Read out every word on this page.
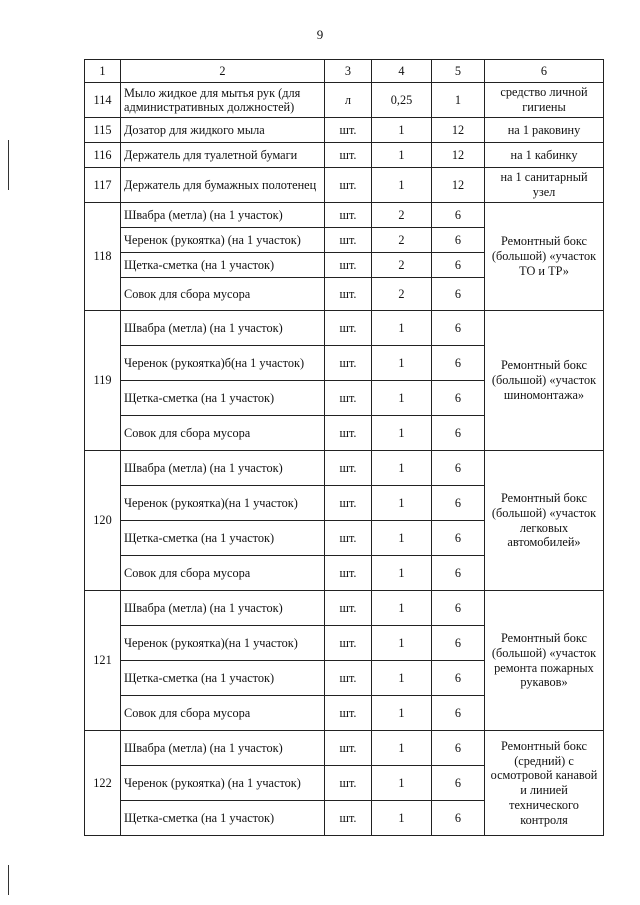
9
1	2	3	4	5	6
114	Мыло жидкое для мытья рук (для административных должностей)	л	0,25	1	средство личной гигиены
115	Дозатор для жидкого мыла	шт.	1	12	на 1 раковину
116	Держатель для туалетной бумаги	шт.	1	12	на 1 кабинку
117	Держатель для бумажных полотенец	шт.	1	12	на 1 санитарный узел
118	Швабра (метла) (на 1 участок)	шт.	2	6	Ремонтный бокс (большой) «участок ТО и ТР»
	Черенок (рукоятка) (на 1 участок)	шт.	2	6	
	Щетка-сметка (на 1 участок)	шт.	2	6	
	Совок для сбора мусора	шт.	2	6	
119	Швабра (метла) (на 1 участок)	шт.	1	6	Ремонтный бокс (большой) «участок шиномонтажа»
	Черенок (рукоятка)б(на 1 участок)	шт.	1	6	
	Щетка-сметка (на 1 участок)	шт.	1	6	
	Совок для сбора мусора	шт.	1	6	
120	Швабра (метла) (на 1 участок)	шт.	1	6	Ремонтный бокс (большой) «участок легковых автомобилей»
	Черенок (рукоятка)(на 1 участок)	шт.	1	6	
	Щетка-сметка (на 1 участок)	шт.	1	6	
	Совок для сбора мусора	шт.	1	6	
121	Швабра (метла) (на 1 участок)	шт.	1	6	Ремонтный бокс (большой) «участок ремонта пожарных рукавов»
	Черенок (рукоятка)(на 1 участок)	шт.	1	6	
	Щетка-сметка (на 1 участок)	шт.	1	6	
	Совок для сбора мусора	шт.	1	6	
122	Швабра (метла) (на 1 участок)	шт.	1	6	Ремонтный бокс (средний) с осмотровой канавой и линией технического контроля
	Черенок (рукоятка) (на 1 участок)	шт.	1	6	
	Щетка-сметка (на 1 участок)	шт.	1	6	
